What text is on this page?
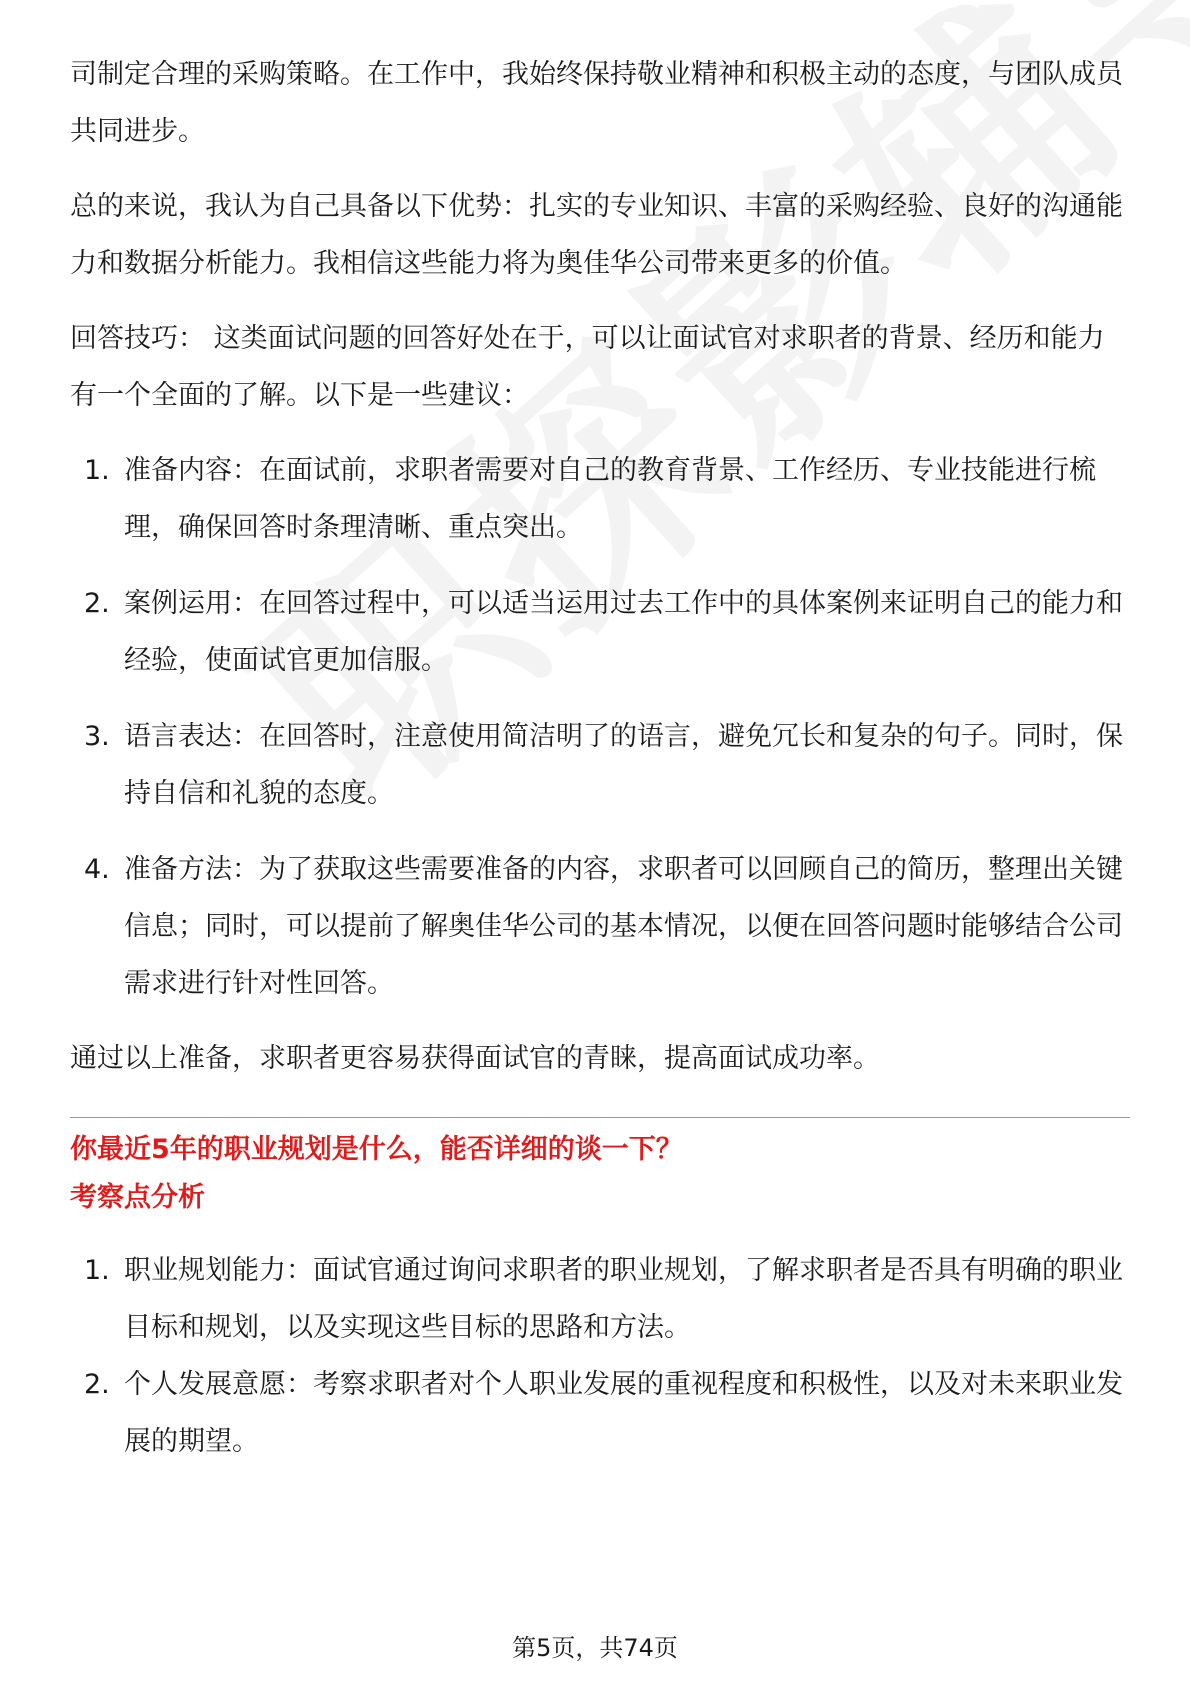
司制定合理的采购策略。在工作中，我始终保持敬业精神和积极主动的态度，与团队成员共同进步。

总的来说，我认为自己具备以下优势：扎实的专业知识、丰富的采购经验、良好的沟通能力和数据分析能力。我相信这些能力将为奥佳华公司带来更多的价值。

回答技巧： 这类面试问题的回答好处在于，可以让面试官对求职者的背景、经历和能力有一个全面的了解。以下是一些建议：

1. 准备内容：在面试前，求职者需要对自己的教育背景、工作经历、专业技能进行梳理，确保回答时条理清晰、重点突出。
2. 案例运用：在回答过程中，可以适当运用过去工作中的具体案例来证明自己的能力和经验，使面试官更加信服。
3. 语言表达：在回答时，注意使用简洁明了的语言，避免冗长和复杂的句子。同时，保持自信和礼貌的态度。
4. 准备方法：为了获取这些需要准备的内容，求职者可以回顾自己的简历，整理出关键信息；同时，可以提前了解奥佳华公司的基本情况，以便在回答问题时能够结合公司需求进行针对性回答。

通过以上准备，求职者更容易获得面试官的青睐，提高面试成功率。

你最近5年的职业规划是什么，能否详细的谈一下？

考察点分析

1. 职业规划能力：面试官通过询问求职者的职业规划，了解求职者是否具有明确的职业目标和规划，以及实现这些目标的思路和方法。
2. 个人发展意愿：考察求职者对个人职业发展的重视程度和积极性，以及对未来职业发展的期望。
第5页，共74页
